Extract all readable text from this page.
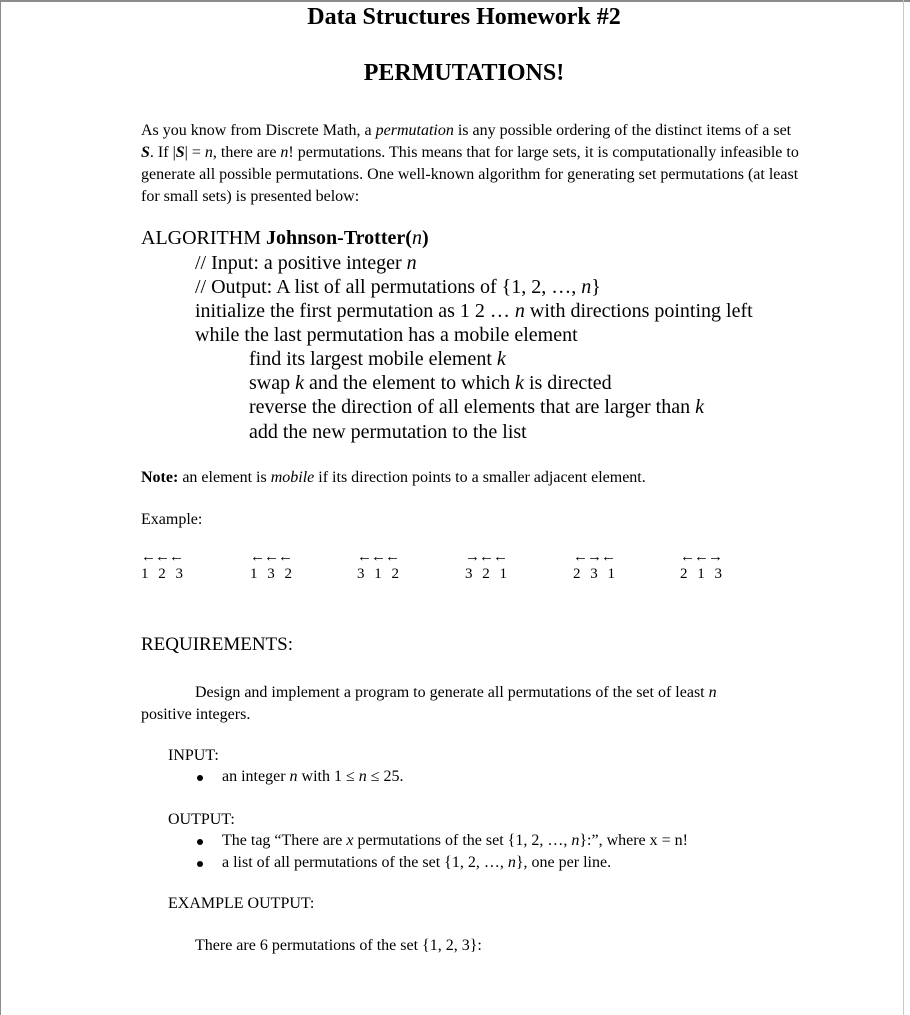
Data Structures Homework #2
PERMUTATIONS!

As you know from Discrete Math, a permutation is any possible ordering of the distinct items of a set S. If |S| = n, there are n! permutations. This means that for large sets, it is computationally infeasible to generate all possible permutations. One well-known algorithm for generating set permutations (at least for small sets) is presented below:

ALGORITHM Johnson-Trotter(n)
// Input: a positive integer n
// Output: A list of all permutations of {1, 2, …, n}
initialize the first permutation as 1 2 … n with directions pointing left
while the last permutation has a mobile element
find its largest mobile element k
swap k and the element to which k is directed
reverse the direction of all elements that are larger than k
add the new permutation to the list
Note: an element is mobile if its direction points to a smaller adjacent element.
Example:
←←←
1 2 3
←←←
1 3 2
←←←
3 1 2
→←←
3 2 1
←→←
2 3 1
←←→
2 1 3
REQUIREMENTS:
Design and implement a program to generate all permutations of the set of least n
positive integers.
INPUT:
an integer n with 1 ≤ n ≤ 25.
OUTPUT:
The tag “There are x permutations of the set {1, 2, …, n}:”, where x = n!
a list of all permutations of the set {1, 2, …, n}, one per line.
EXAMPLE OUTPUT:
There are 6 permutations of the set {1, 2, 3}:
